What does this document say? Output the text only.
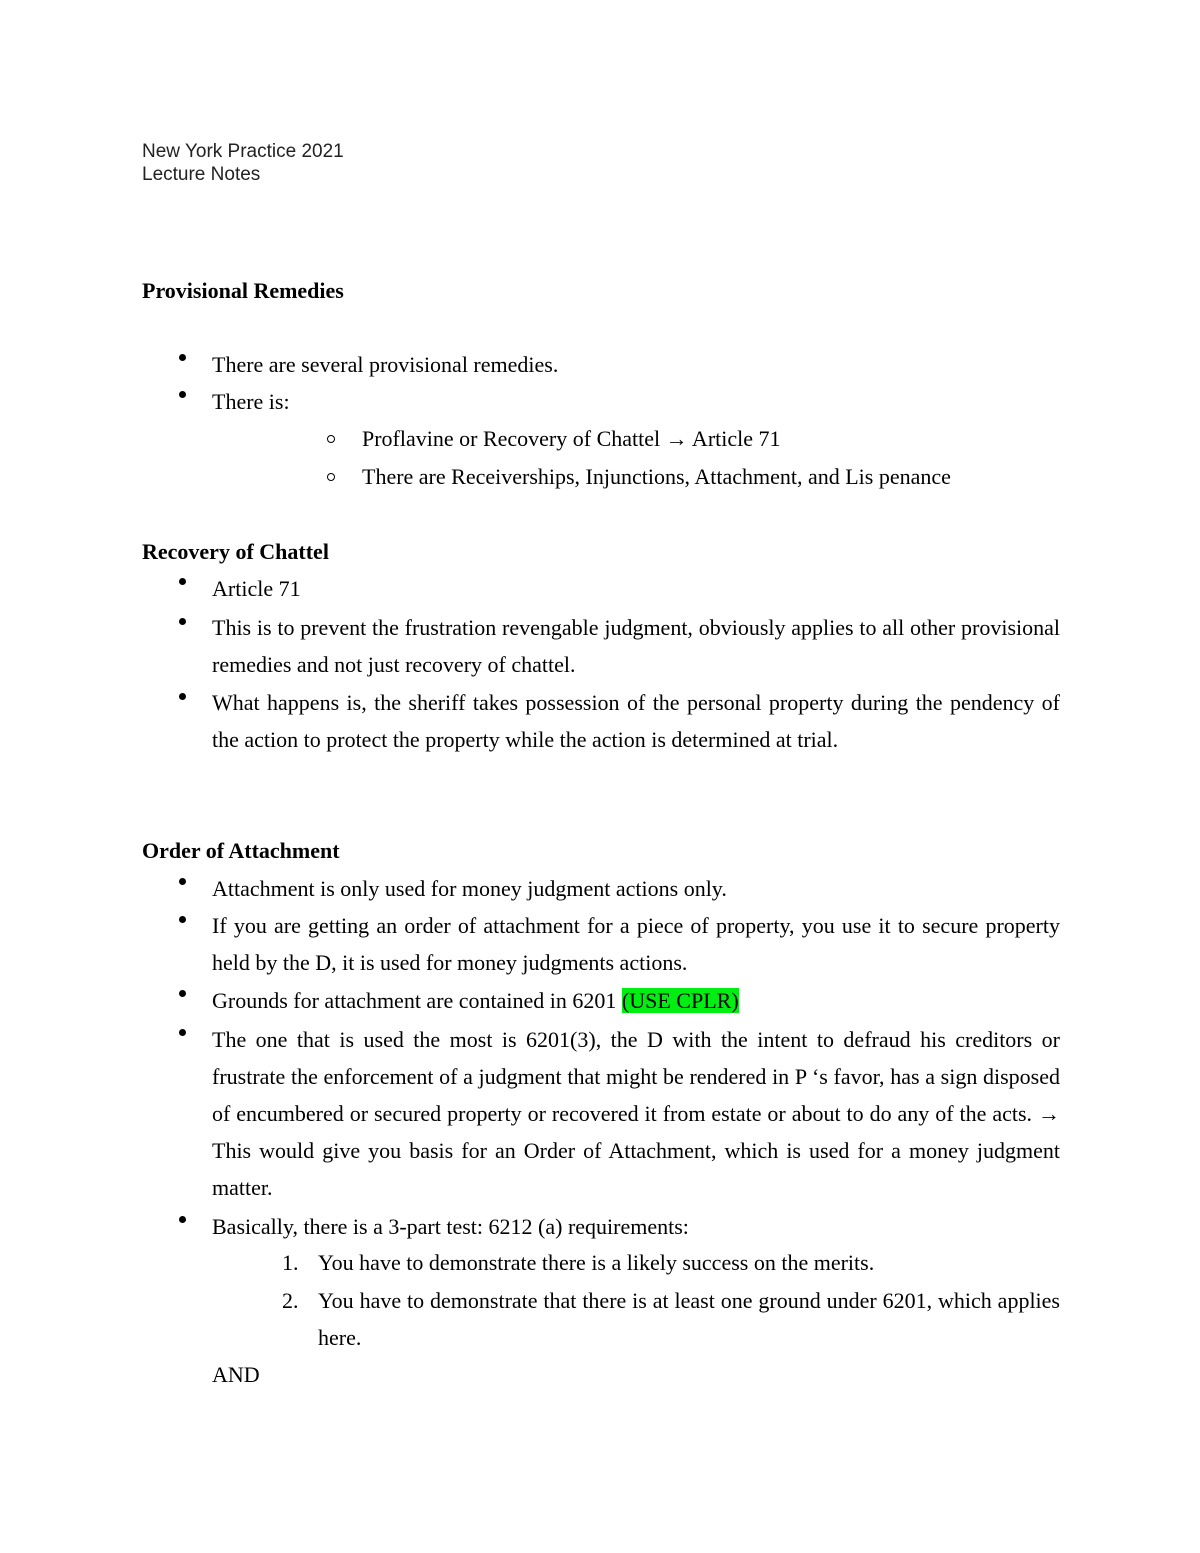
New York Practice 2021
Lecture Notes
Provisional Remedies
There are several provisional remedies.
There is:
Proflavine or Recovery of Chattel → Article 71
There are Receiverships, Injunctions, Attachment, and Lis penance
Recovery of Chattel
Article 71
This is to prevent the frustration revengable judgment, obviously applies to all other provisional remedies and not just recovery of chattel.
What happens is, the sheriff takes possession of the personal property during the pendency of the action to protect the property while the action is determined at trial.
Order of Attachment
Attachment is only used for money judgment actions only.
If you are getting an order of attachment for a piece of property, you use it to secure property held by the D, it is used for money judgments actions.
Grounds for attachment are contained in 6201 (USE CPLR)
The one that is used the most is 6201(3), the D with the intent to defraud his creditors or frustrate the enforcement of a judgment that might be rendered in P ‘s favor, has a sign disposed of encumbered or secured property or recovered it from estate or about to do any of the acts. → This would give you basis for an Order of Attachment, which is used for a money judgment matter.
Basically, there is a 3-part test: 6212 (a) requirements:
1. You have to demonstrate there is a likely success on the merits.
2. You have to demonstrate that there is at least one ground under 6201, which applies here.
AND
